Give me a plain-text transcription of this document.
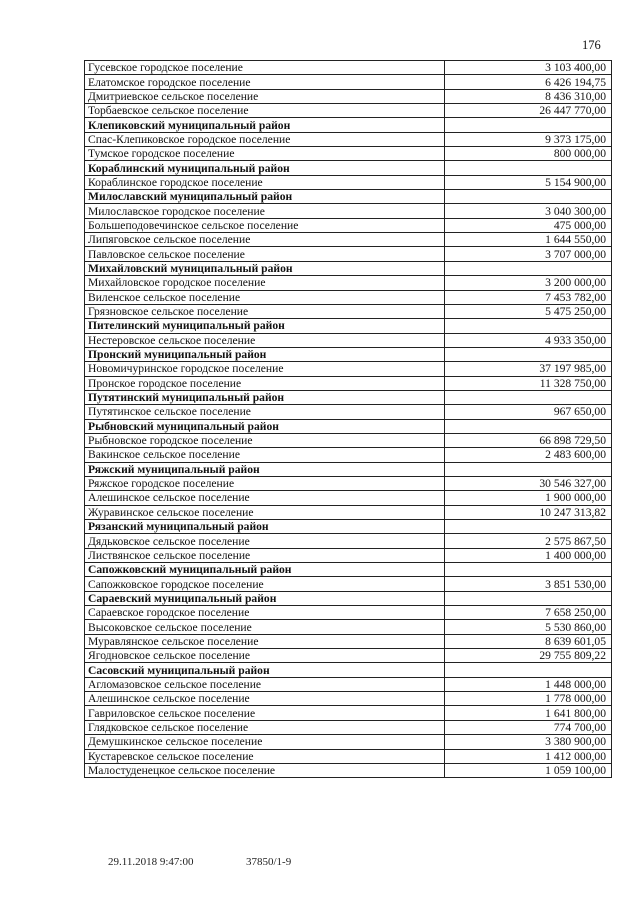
176
Гусевское городское поселение	3 103 400,00
Елатомское городское поселение	6 426 194,75
Дмитриевское сельское поселение	8 436 310,00
Торбаевское сельское поселение	26 447 770,00
Клепиковский муниципальный район	
Спас-Клепиковское городское поселение	9 373 175,00
Тумское городское поселение	800 000,00
Кораблинский муниципальный район	
Кораблинское городское поселение	5 154 900,00
Милославский муниципальный район	
Милославское городское поселение	3 040 300,00
Большеподовечинское сельское поселение	475 000,00
Липяговское сельское поселение	1 644 550,00
Павловское сельское поселение	3 707 000,00
Михайловский муниципальный район	
Михайловское городское поселение	3 200 000,00
Виленское сельское поселение	7 453 782,00
Грязновское сельское поселение	5 475 250,00
Пителинский муниципальный район	
Нестеровское сельское поселение	4 933 350,00
Пронский муниципальный район	
Новомичуринское городское поселение	37 197 985,00
Пронское городское поселение	11 328 750,00
Путятинский муниципальный район	
Путятинское сельское поселение	967 650,00
Рыбновский муниципальный район	
Рыбновское городское поселение	66 898 729,50
Вакинское сельское поселение	2 483 600,00
Ряжский муниципальный район	
Ряжское городское поселение	30 546 327,00
Алешинское сельское поселение	1 900 000,00
Журавинское сельское поселение	10 247 313,82
Рязанский муниципальный район	
Дядьковское сельское поселение	2 575 867,50
Листвянское сельское поселение	1 400 000,00
Сапожковский муниципальный район	
Сапожковское городское поселение	3 851 530,00
Сараевский муниципальный район	
Сараевское городское поселение	7 658 250,00
Высоковское сельское поселение	5 530 860,00
Муравлянское сельское поселение	8 639 601,05
Ягодновское сельское поселение	29 755 809,22
Сасовский муниципальный район	
Агломазовское сельское поселение	1 448 000,00
Алешинское сельское поселение	1 778 000,00
Гавриловское сельское поселение	1 641 800,00
Глядковское сельское поселение	774 700,00
Демушкинское сельское поселение	3 380 900,00
Кустаревское сельское поселение	1 412 000,00
Малостуденецкое сельское поселение	1 059 100,00
29.11.2018 9:47:00	37850/1-9
